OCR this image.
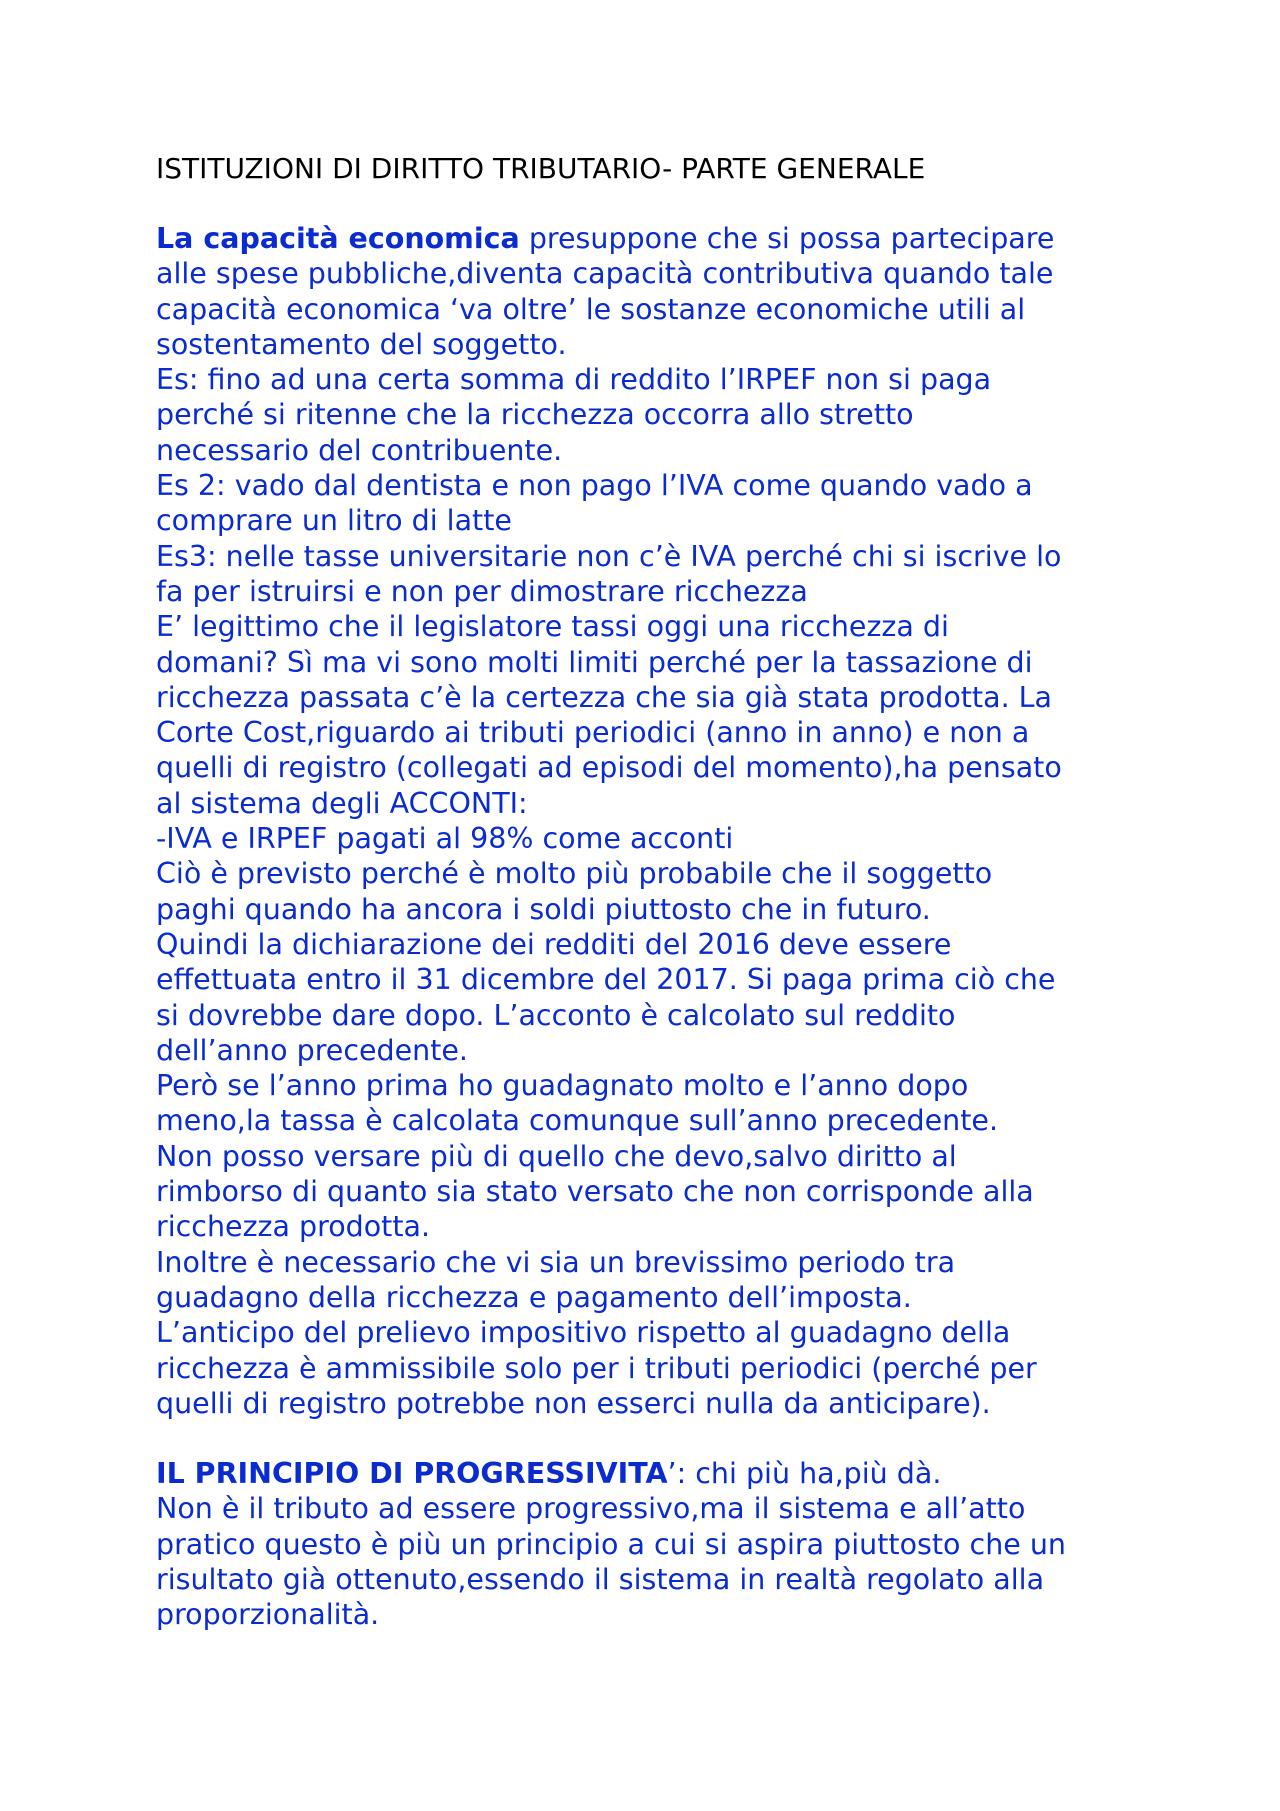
ISTITUZIONI DI DIRITTO TRIBUTARIO- PARTE GENERALE
La capacità economica presuppone che si possa partecipare
alle spese pubbliche,diventa capacità contributiva quando tale
capacità economica ‘va oltre’ le sostanze economiche utili al
sostentamento del soggetto.
Es: fino ad una certa somma di reddito l’IRPEF non si paga
perché si ritenne che la ricchezza occorra allo stretto
necessario del contribuente.
Es 2: vado dal dentista e non pago l’IVA come quando vado a
comprare un litro di latte
Es3: nelle tasse universitarie non c’è IVA perché chi si iscrive lo
fa per istruirsi e non per dimostrare ricchezza
E’ legittimo che il legislatore tassi oggi una ricchezza di
domani? Sì ma vi sono molti limiti perché per la tassazione di
ricchezza passata c’è la certezza che sia già stata prodotta. La
Corte Cost,riguardo ai tributi periodici (anno in anno) e non a
quelli di registro (collegati ad episodi del momento),ha pensato
al sistema degli ACCONTI:
-IVA e IRPEF pagati al 98% come acconti
Ciò è previsto perché è molto più probabile che il soggetto
paghi quando ha ancora i soldi piuttosto che in futuro.
Quindi la dichiarazione dei redditi del 2016 deve essere
effettuata entro il 31 dicembre del 2017. Si paga prima ciò che
si dovrebbe dare dopo. L’acconto è calcolato sul reddito
dell’anno precedente.
Però se l’anno prima ho guadagnato molto e l’anno dopo
meno,la tassa è calcolata comunque sull’anno precedente.
Non posso versare più di quello che devo,salvo diritto al
rimborso di quanto sia stato versato che non corrisponde alla
ricchezza prodotta.
Inoltre è necessario che vi sia un brevissimo periodo tra
guadagno della ricchezza e pagamento dell’imposta.
L’anticipo del prelievo impositivo rispetto al guadagno della
ricchezza è ammissibile solo per i tributi periodici (perché per
quelli di registro potrebbe non esserci nulla da anticipare).
IL PRINCIPIO DI PROGRESSIVITA’: chi più ha,più dà.
Non è il tributo ad essere progressivo,ma il sistema e all’atto
pratico questo è più un principio a cui si aspira piuttosto che un
risultato già ottenuto,essendo il sistema in realtà regolato alla
proporzionalità.
